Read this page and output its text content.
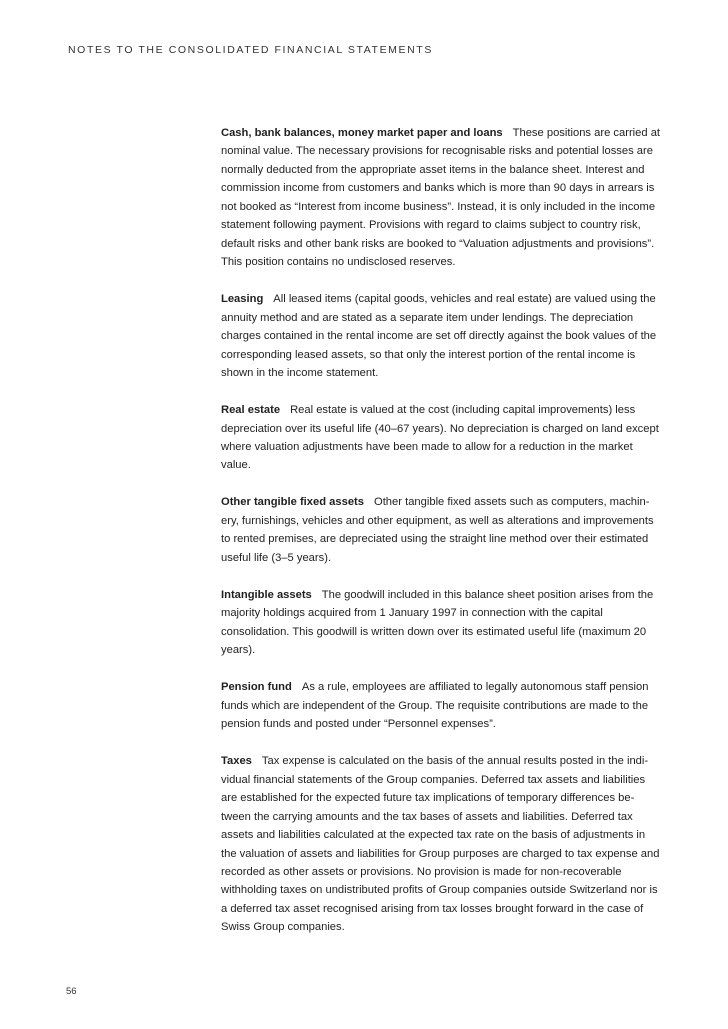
NOTES TO THE CONSOLIDATED FINANCIAL STATEMENTS

Cash, bank balances, money market paper and loans These positions are carried at nominal value. The necessary provisions for recognisable risks and potential losses are normally deducted from the appropriate asset items in the balance sheet. Interest and commission income from customers and banks which is more than 90 days in arrears is not booked as “Interest from income business”. Instead, it is only included in the income statement following payment. Provisions with regard to claims subject to country risk, default risks and other bank risks are booked to “Valuation adjustments and provisions”. This position contains no undisclosed reserves.

Leasing All leased items (capital goods, vehicles and real estate) are valued using the annuity method and are stated as a separate item under lendings. The depreciation charges contained in the rental income are set off directly against the book values of the corresponding leased assets, so that only the interest portion of the rental income is shown in the income statement.

Real estate Real estate is valued at the cost (including capital improvements) less depreciation over its useful life (40–67 years). No depreciation is charged on land except where valuation adjustments have been made to allow for a reduction in the market value.

Other tangible fixed assets Other tangible fixed assets such as computers, machin-ery, furnishings, vehicles and other equipment, as well as alterations and improvements to rented premises, are depreciated using the straight line method over their estimated useful life (3–5 years).

Intangible assets The goodwill included in this balance sheet position arises from the majority holdings acquired from 1 January 1997 in connection with the capital consolidation. This goodwill is written down over its estimated useful life (maximum 20 years).

Pension fund As a rule, employees are affiliated to legally autonomous staff pension funds which are independent of the Group. The requisite contributions are made to the pension funds and posted under “Personnel expenses”.

Taxes Tax expense is calculated on the basis of the annual results posted in the indi-vidual financial statements of the Group companies. Deferred tax assets and liabilities are established for the expected future tax implications of temporary differences be-tween the carrying amounts and the tax bases of assets and liabilities. Deferred tax assets and liabilities calculated at the expected tax rate on the basis of adjustments in the valuation of assets and liabilities for Group purposes are charged to tax expense and recorded as other assets or provisions. No provision is made for non-recoverable withholding taxes on undistributed profits of Group companies outside Switzerland nor is a deferred tax asset recognised arising from tax losses brought forward in the case of Swiss Group companies.

56
